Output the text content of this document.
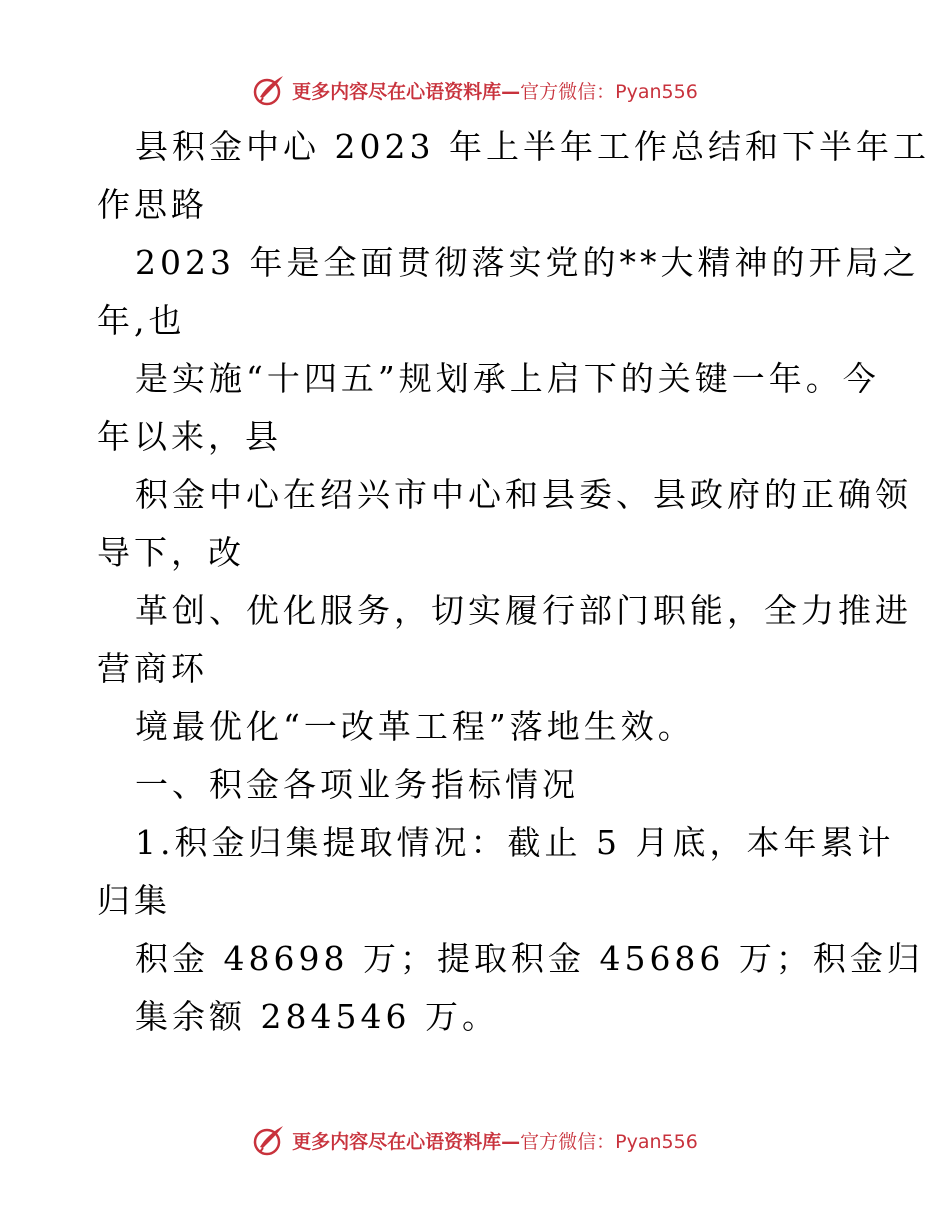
更多内容尽在心语资料库—官方微信：Pyan556
县积金中心 2023 年上半年工作总结和下半年工
作思路
2023 年是全面贯彻落实党的**大精神的开局之
年,也
是实施“十四五”规划承上启下的关键一年。今
年以来，县
积金中心在绍兴市中心和县委、县政府的正确领
导下，改
革创、优化服务，切实履行部门职能，全力推进
营商环
境最优化“一改革工程”落地生效。
一、积金各项业务指标情况
1.积金归集提取情况：截止 5 月底，本年累计
归集
积金 48698 万；提取积金 45686 万；积金归
集余额 284546 万。
更多内容尽在心语资料库—官方微信：Pyan556
